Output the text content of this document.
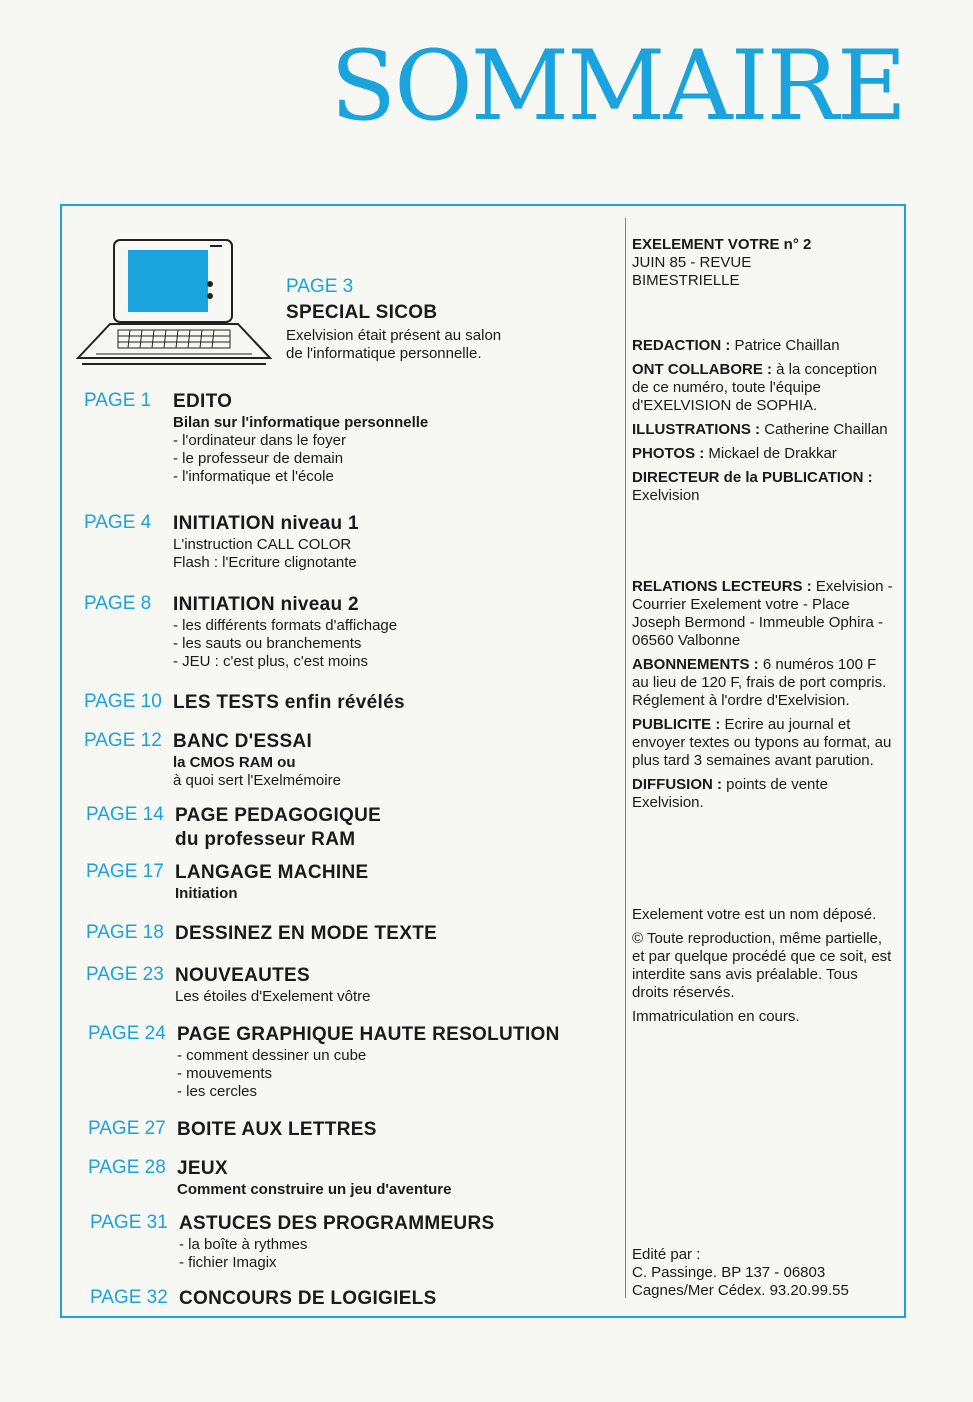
SOMMAIRE
PAGE 3
SPECIAL SICOB
Exelvision était présent au salon
de l'informatique personnelle.
PAGE 1 EDITO
Bilan sur l'informatique personnelle
- l'ordinateur dans le foyer
- le professeur de demain
- l'informatique et l'école
PAGE 4 INITIATION niveau 1
L'instruction CALL COLOR
Flash : l'Ecriture clignotante
PAGE 8 INITIATION niveau 2
- les différents formats d'affichage
- les sauts ou branchements
- JEU : c'est plus, c'est moins
PAGE 10 LES TESTS enfin révélés
PAGE 12 BANC D'ESSAI
la CMOS RAM ou
à quoi sert l'Exelmémoire
PAGE 14 PAGE PEDAGOGIQUE
du professeur RAM
PAGE 17 LANGAGE MACHINE
Initiation
PAGE 18 DESSINEZ EN MODE TEXTE
PAGE 23 NOUVEAUTES
Les étoiles d'Exelement vôtre
PAGE 24 PAGE GRAPHIQUE HAUTE RESOLUTION
- comment dessiner un cube
- mouvements
- les cercles
PAGE 27 BOITE AUX LETTRES
PAGE 28 JEUX
Comment construire un jeu d'aventure
PAGE 31 ASTUCES DES PROGRAMMEURS
- la boîte à rythmes
- fichier Imagix
PAGE 32 CONCOURS DE LOGIGIELS
EXELEMENT VOTRE n° 2
JUIN 85 - REVUE
BIMESTRIELLE

REDACTION : Patrice Chaillan

ONT COLLABORE : à la conception de ce numéro, toute l'équipe d'EXELVISION de SOPHIA.

ILLUSTRATIONS : Catherine Chaillan

PHOTOS : Mickael de Drakkar

DIRECTEUR de la PUBLICATION : Exelvision

RELATIONS LECTEURS : Exelvision - Courrier Exelement votre - Place Joseph Bermond - Immeuble Ophira - 06560 Valbonne

ABONNEMENTS : 6 numéros 100 F au lieu de 120 F, frais de port compris. Réglement à l'ordre d'Exelvision.

PUBLICITE : Ecrire au journal et envoyer textes ou typons au format, au plus tard 3 semaines avant parution.

DIFFUSION : points de vente Exelvision.

Exelement votre est un nom déposé.

© Toute reproduction, même partielle, et par quelque procédé que ce soit, est interdite sans avis préalable. Tous droits réservés.

Immatriculation en cours.

Edité par :
C. Passinge. BP 137 - 06803
Cagnes/Mer Cédex. 93.20.99.55
